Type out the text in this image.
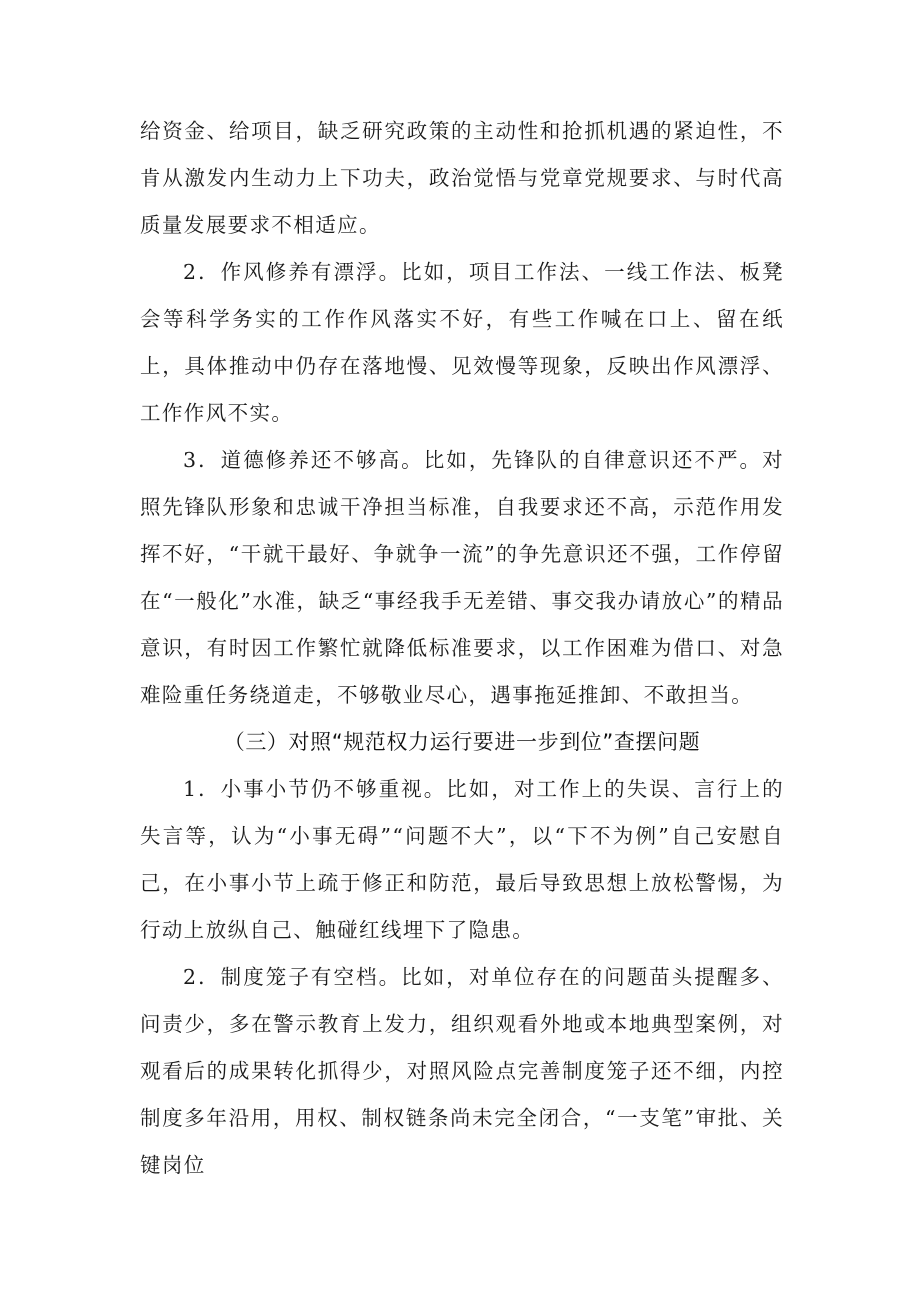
给资金、给项目，缺乏研究政策的主动性和抢抓机遇的紧迫性，不肯从激发内生动力上下功夫，政治觉悟与党章党规要求、与时代高质量发展要求不相适应。

2．作风修养有漂浮。比如，项目工作法、一线工作法、板凳会等科学务实的工作作风落实不好，有些工作喊在口上、留在纸上，具体推动中仍存在落地慢、见效慢等现象，反映出作风漂浮、工作作风不实。

3．道德修养还不够高。比如，先锋队的自律意识还不严。对照先锋队形象和忠诚干净担当标准，自我要求还不高，示范作用发挥不好，“干就干最好、争就争一流”的争先意识还不强，工作停留在“一般化”水准，缺乏“事经我手无差错、事交我办请放心”的精品意识，有时因工作繁忙就降低标准要求，以工作困难为借口、对急难险重任务绕道走，不够敬业尽心，遇事拖延推卸、不敢担当。

（三）对照“规范权力运行要进一步到位”查摆问题

1．小事小节仍不够重视。比如，对工作上的失误、言行上的失言等，认为“小事无碍”“问题不大”，以“下不为例”自己安慰自己，在小事小节上疏于修正和防范，最后导致思想上放松警惕，为行动上放纵自己、触碰红线埋下了隐患。

2．制度笼子有空档。比如，对单位存在的问题苗头提醒多、问责少，多在警示教育上发力，组织观看外地或本地典型案例，对观看后的成果转化抓得少，对照风险点完善制度笼子还不细，内控制度多年沿用，用权、制权链条尚未完全闭合，“一支笔”审批、关键岗位
